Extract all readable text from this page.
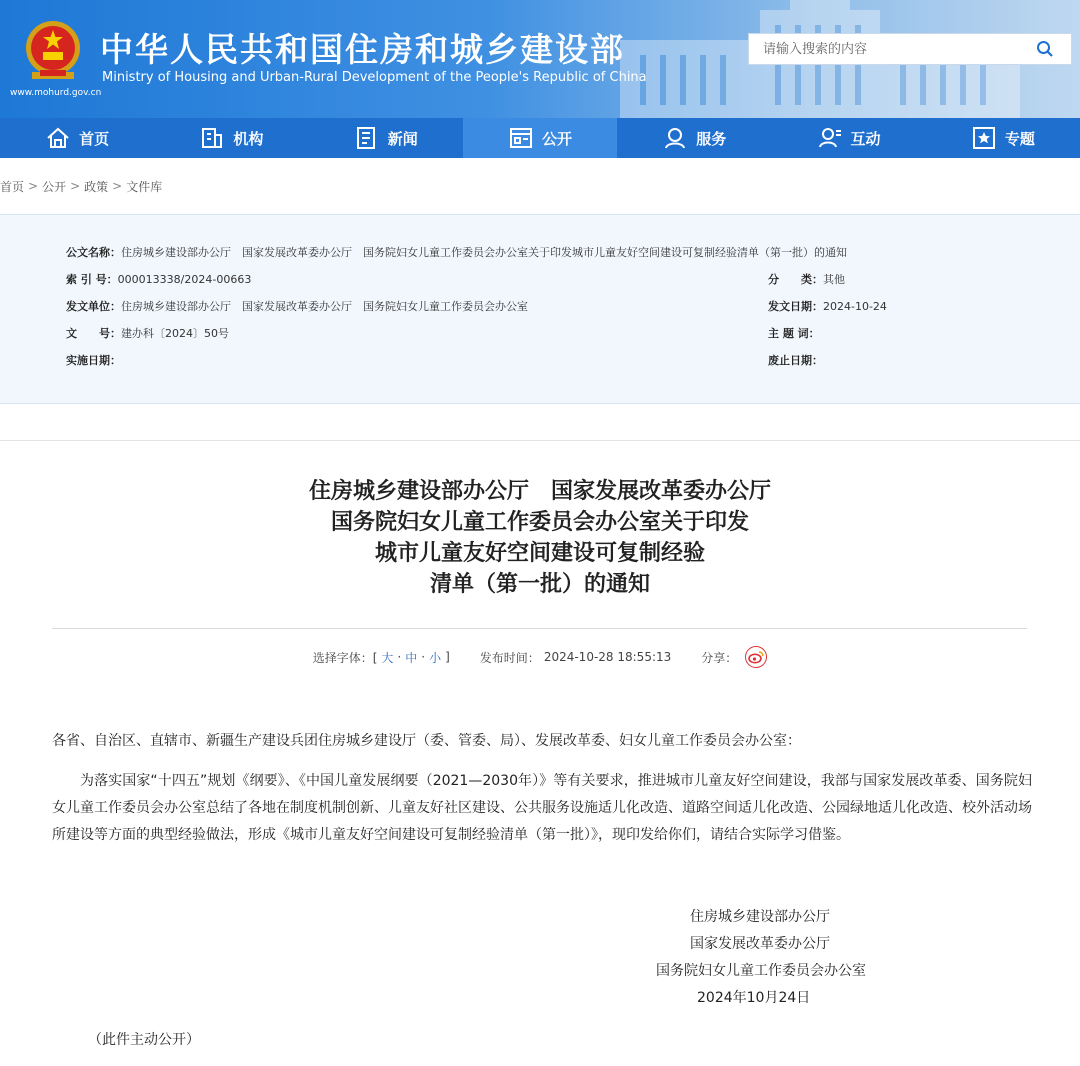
中华人民共和国住房和城乡建设部
Ministry of Housing and Urban-Rural Development of the People's Republic of China
www.mohurd.gov.cn
请输入搜索的内容
首页	机构	新闻	公开	服务	互动	专题
首页 > 公开 > 政策 > 文件库
公文名称：住房城乡建设部办公厅　国家发展改革委办公厅　国务院妇女儿童工作委员会办公室关于印发城市儿童友好空间建设可复制经验清单（第一批）的通知
索 引 号：000013338/2024-00663	分　　类：其他
发文单位：住房城乡建设部办公厅　国家发展改革委办公厅　国务院妇女儿童工作委员会办公室	发文日期：2024-10-24
文　　号：建办科〔2024〕50号	主 题 词：
实施日期：	废止日期：
住房城乡建设部办公厅　国家发展改革委办公厅
国务院妇女儿童工作委员会办公室关于印发
城市儿童友好空间建设可复制经验
清单（第一批）的通知
选择字体：[ 大 · 中 · 小 ]	发布时间： 2024-10-28 18:55:13	分享：
各省、自治区、直辖市、新疆生产建设兵团住房城乡建设厅（委、管委、局）、发展改革委、妇女儿童工作委员会办公室：
为落实国家“十四五”规划《纲要》、《中国儿童发展纲要（2021—2030年）》等有关要求，推进城市儿童友好空间建设，我部与国家发展改革委、国务院妇女儿童工作委员会办公室总结了各地在制度机制创新、儿童友好社区建设、公共服务设施适儿化改造、道路空间适儿化改造、公园绿地适儿化改造、校外活动场所建设等方面的典型经验做法，形成《城市儿童友好空间建设可复制经验清单（第一批）》，现印发给你们，请结合实际学习借鉴。
住房城乡建设部办公厅
国家发展改革委办公厅
国务院妇女儿童工作委员会办公室
2024年10月24日
（此件主动公开）
